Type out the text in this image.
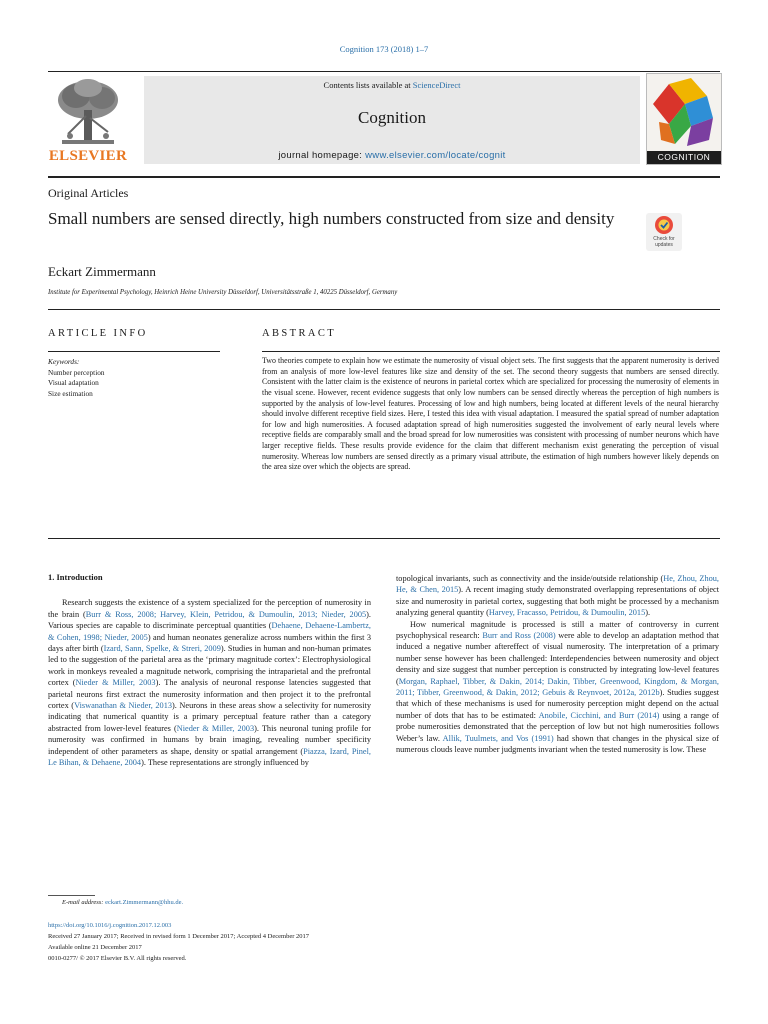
Cognition 173 (2018) 1–7
ELSEVIER
Contents lists available at ScienceDirect
Cognition
journal homepage: www.elsevier.com/locate/cognit	COGNITION
Original Articles
Small numbers are sensed directly, high numbers constructed from size and density
Check for
updates
Eckart Zimmermann
Institute for Experimental Psychology, Heinrich Heine University Düsseldorf, Universitätsstraße 1, 40225 Düsseldorf, Germany
ARTICLE INFO	ABSTRACT
Keywords:
Number perception
Visual adaptation
Size estimation
Two theories compete to explain how we estimate the numerosity of visual object sets. The first suggests that the apparent numerosity is derived from an analysis of more low-level features like size and density of the set. The second theory suggests that numbers are sensed directly. Consistent with the latter claim is the existence of neurons in parietal cortex which are specialized for processing the numerosity of elements in the visual scene. However, recent evidence suggests that only low numbers can be sensed directly whereas the perception of high numbers is supported by the analysis of low-level features. Processing of low and high numbers, being located at different levels of the neural hierarchy should involve different receptive field sizes. Here, I tested this idea with visual adaptation. I measured the spatial spread of number adaptation for low and high numerosities. A focused adaptation spread of high numerosities suggested the involvement of early neural levels where receptive fields are comparably small and the broad spread for low numerosities was consistent with processing of number neurons which have larger receptive fields. These results provide evidence for the claim that different mechanism exist generating the perception of visual numerosity. Whereas low numbers are sensed directly as a primary visual attribute, the estimation of high numbers however likely depends on the area size over which the objects are spread.

1. Introduction

Research suggests the existence of a system specialized for the perception of numerosity in the brain (Burr & Ross, 2008; Harvey, Klein, Petridou, & Dumoulin, 2013; Nieder, 2005). Various species are capable to discriminate perceptual quantities (Dehaene, Dehaene-Lambertz, & Cohen, 1998; Nieder, 2005) and human neonates generalize across numbers within the first 3 days after birth (Izard, Sann, Spelke, & Streri, 2009). Studies in human and non-human primates led to the suggestion of the parietal area as the ‘primary magnitude cortex’: Electrophysiological work in monkeys revealed a magnitude network, comprising the intraparietal and the prefrontal cortex (Nieder & Miller, 2003). The analysis of neuronal response latencies suggested that parietal neurons first extract the numerosity information and then project it to the prefrontal cortex (Viswanathan & Nieder, 2013). Neurons in these areas show a selectivity for numerosity indicating that numerical quantity is a primary perceptual feature rather than a category abstracted from lower-level features (Nieder & Miller, 2003). This neuronal tuning profile for numerosity was confirmed in humans by brain imaging, revealing number specificity independent of other parameters as shape, density or spatial arrangement (Piazza, Izard, Pinel, Le Bihan, & Dehaene, 2004). These representations are strongly influenced by

topological invariants, such as connectivity and the inside/outside relationship (He, Zhou, Zhou, He, & Chen, 2015). A recent imaging study demonstrated overlapping representations of object size and numerosity in parietal cortex, suggesting that both might be processed by a mechanism analyzing general quantity (Harvey, Fracasso, Petridou, & Dumoulin, 2015).

How numerical magnitude is processed is still a matter of controversy in current psychophysical research: Burr and Ross (2008) were able to develop an adaptation method that induced a negative number aftereffect of visual numerosity. The interpretation of a primary number sense however has been challenged: Interdependencies between numerosity and object density and size suggest that number perception is constructed by integrating low-level features (Morgan, Raphael, Tibber, & Dakin, 2014; Dakin, Tibber, Greenwood, Kingdom, & Morgan, 2011; Tibber, Greenwood, & Dakin, 2012; Gebuis & Reynvoet, 2012a, 2012b). Studies suggest that which of these mechanisms is used for numerosity perception might depend on the actual number of dots that has to be estimated: Anobile, Cicchini, and Burr (2014) using a range of probe numerosities demonstrated that the perception of low but not high numerosities follows Weber’s law. Allik, Tuulmets, and Vos (1991) had shown that changes in the physical size of numerous clouds leave number judgments invariant when the tested numerosity is low. These

E-mail address: eckart.Zimmermann@hhu.de.
https://doi.org/10.1016/j.cognition.2017.12.003
Received 27 January 2017; Received in revised form 1 December 2017; Accepted 4 December 2017
Available online 21 December 2017
0010-0277/ © 2017 Elsevier B.V. All rights reserved.
